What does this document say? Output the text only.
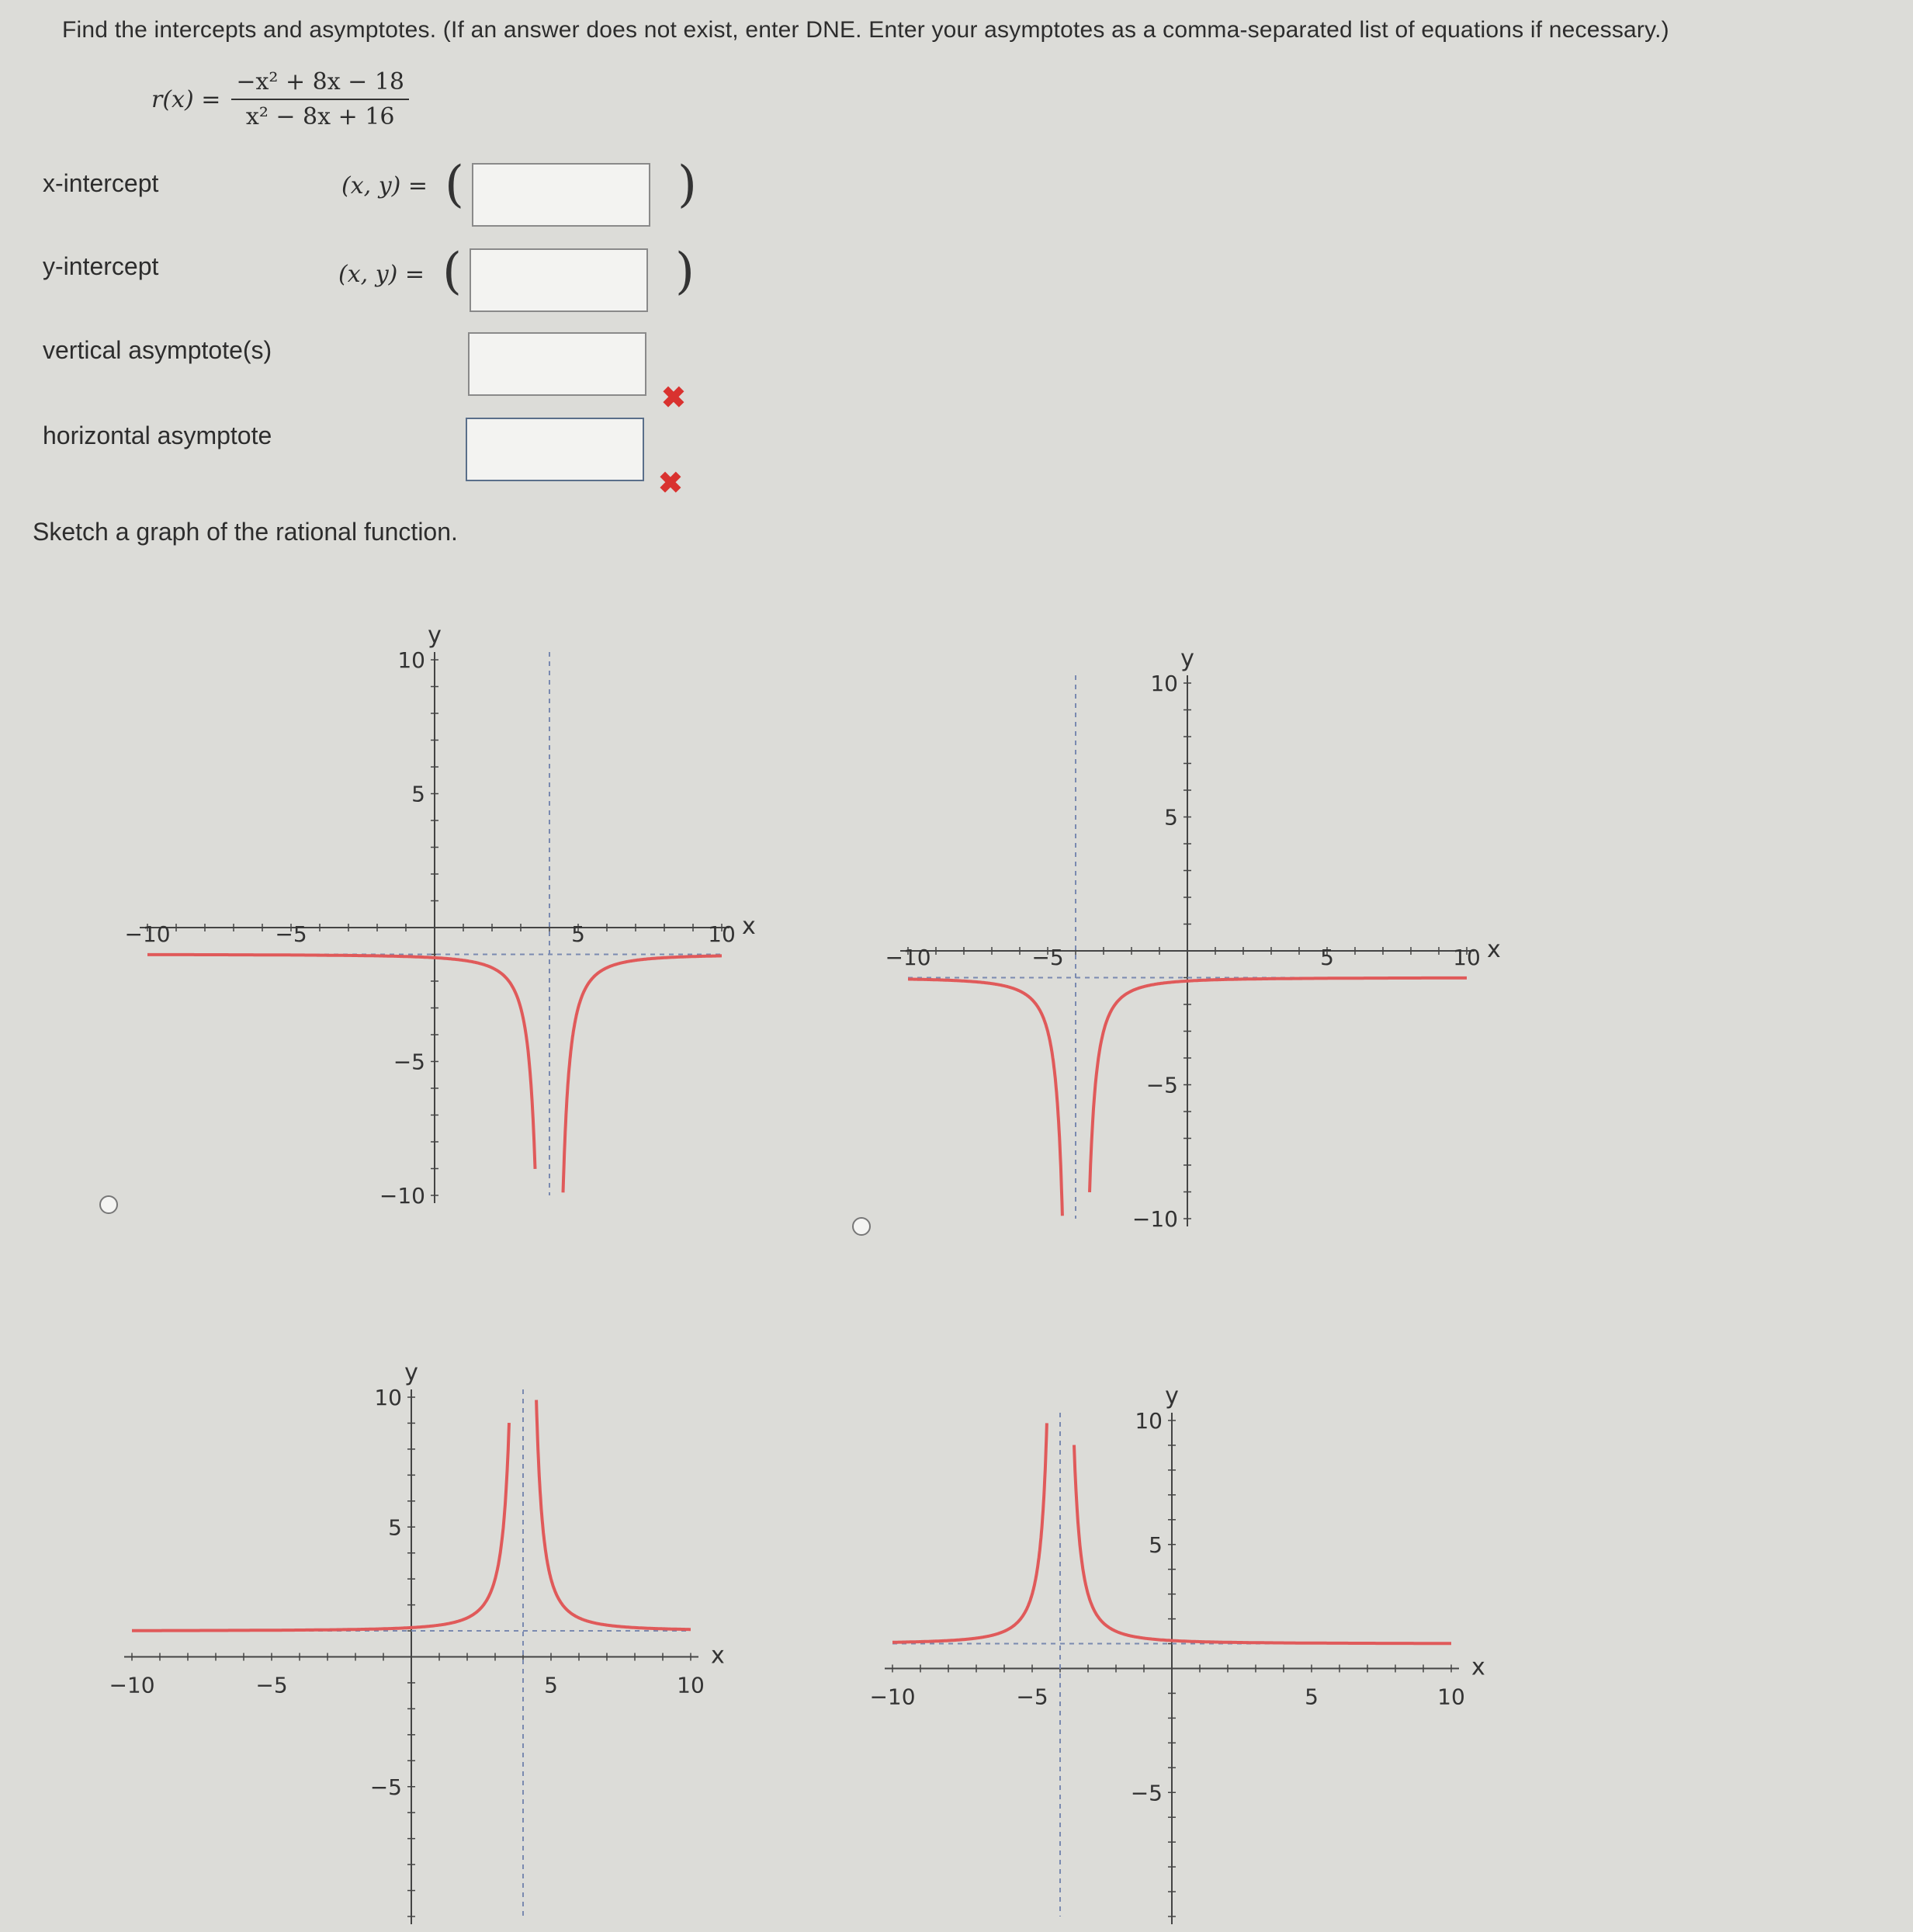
Find the intercepts and asymptotes. (If an answer does not exist, enter DNE. Enter your asymptotes as a comma-separated list of equations if necessary.)
$r(x) = \frac{\text{−x² + 8x − 18}}{\text{x² − 8x + 16}}$
x-intercept	(x, y) = (	)
y-intercept	(x, y) = (	)
vertical asymptote(s)
✖
horizontal asymptote
✖
Sketch a graph of the rational function.
−10	−5	5	10
10
5
−5
−10
x
y
−10	−5	5	10
10
5
−5
−10
x
y
−10	−5	5	10
10
5
−5
x
y
−10	−5	5	10
10
5
−5
x
y
